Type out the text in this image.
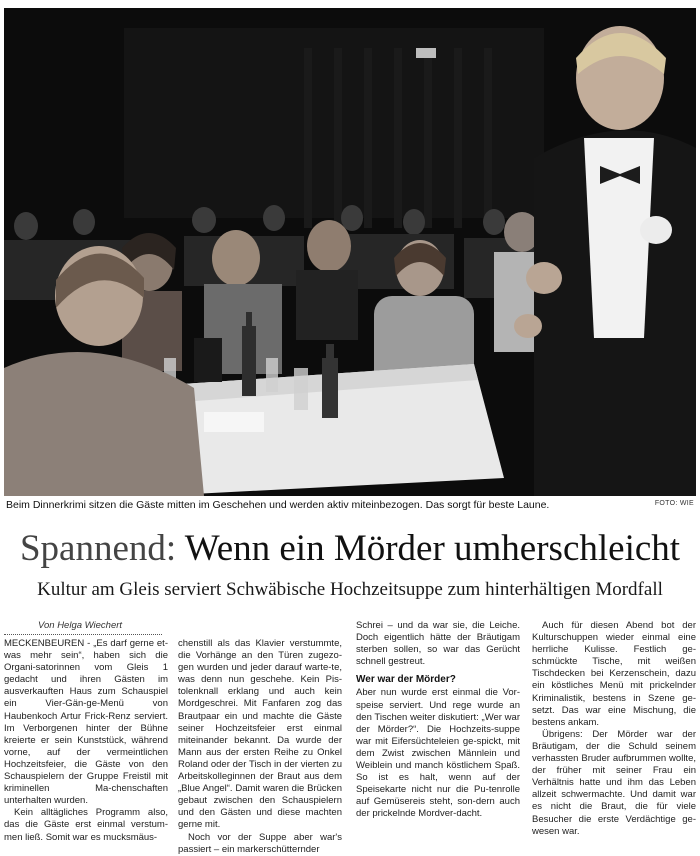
Beim Dinnerkrimi sitzen die Gäste mitten im Geschehen und werden aktiv miteinbezogen. Das sorgt für beste Laune.	FOTO: WIE
Spannend: Wenn ein Mörder umherschleicht
Kultur am Gleis serviert Schwäbische Hochzeitsuppe zum hinterhältigen Mordfall
Von Helga Wiechert

MECKENBEUREN - „Es darf gerne et-was mehr sein“, haben sich die Organi-satorinnen vom Gleis 1 gedacht und ihren Gästen im ausverkauften Haus zum Schauspiel ein Vier-Gän-ge-Menü von Haubenkoch Artur Frick-Renz serviert. Im Verborgenen hinter der Bühne kreierte er sein Kunststück, während vorne, auf der vermeintlichen Hochzeitsfeier, die Gäste von den Schauspielern der Gruppe Freistil mit kriminellen Ma-chenschaften unterhalten wurden.

Kein alltägliches Programm also, das die Gäste erst einmal verstum-men ließ. Somit war es mucksmäus-

chenstill als das Klavier verstummte, die Vorhänge an den Türen zugezo-gen wurden und jeder darauf warte-te, was denn nun geschehe. Kein Pis-tolenknall erklang und auch kein Mordgeschrei. Mit Fanfaren zog das Brautpaar ein und machte die Gäste seiner Hochzeitsfeier erst einmal miteinander bekannt. Da wurde der Mann aus der ersten Reihe zu Onkel Roland oder der Tisch in der vierten zu Arbeitskolleginnen der Braut aus dem „Blue Angel“. Damit waren die Brücken gebaut zwischen den Schauspielern und den Gästen und diese machten gerne mit.

Noch vor der Suppe aber war's passiert – ein markerschütternder

Schrei – und da war sie, die Leiche. Doch eigentlich hätte der Bräutigam sterben sollen, so war das Gerücht schnell gestreut.

Wer war der Mörder?

Aber nun wurde erst einmal die Vor-speise serviert. Und rege wurde an den Tischen weiter diskutiert: „Wer war der Mörder?“. Die Hochzeits-suppe war mit Eifersüchteleien ge-spickt, mit dem Zwist zwischen Männlein und Weiblein und manch köstlichem Spaß. So ist es halt, wenn auf der Speisekarte nicht nur die Pu-tenrolle auf Gemüsereis steht, son-dern auch der prickelnde Mordver-dacht.

Auch für diesen Abend bot der Kulturschuppen wieder einmal eine herrliche Kulisse. Festlich ge-schmückte Tische, mit weißen Tischdecken bei Kerzenschein, dazu ein köstliches Menü mit prickelnder Kriminalistik, bestens in Szene ge-setzt. Das war eine Mischung, die bestens ankam.

Übrigens: Der Mörder war der Bräutigam, der die Schuld seinem verhassten Bruder aufbrummen wollte, der früher mit seiner Frau ein Verhältnis hatte und ihm das Leben allzeit schwermachte. Und damit war es nicht die Braut, die für viele Besucher die erste Verdächtige ge-wesen war.
